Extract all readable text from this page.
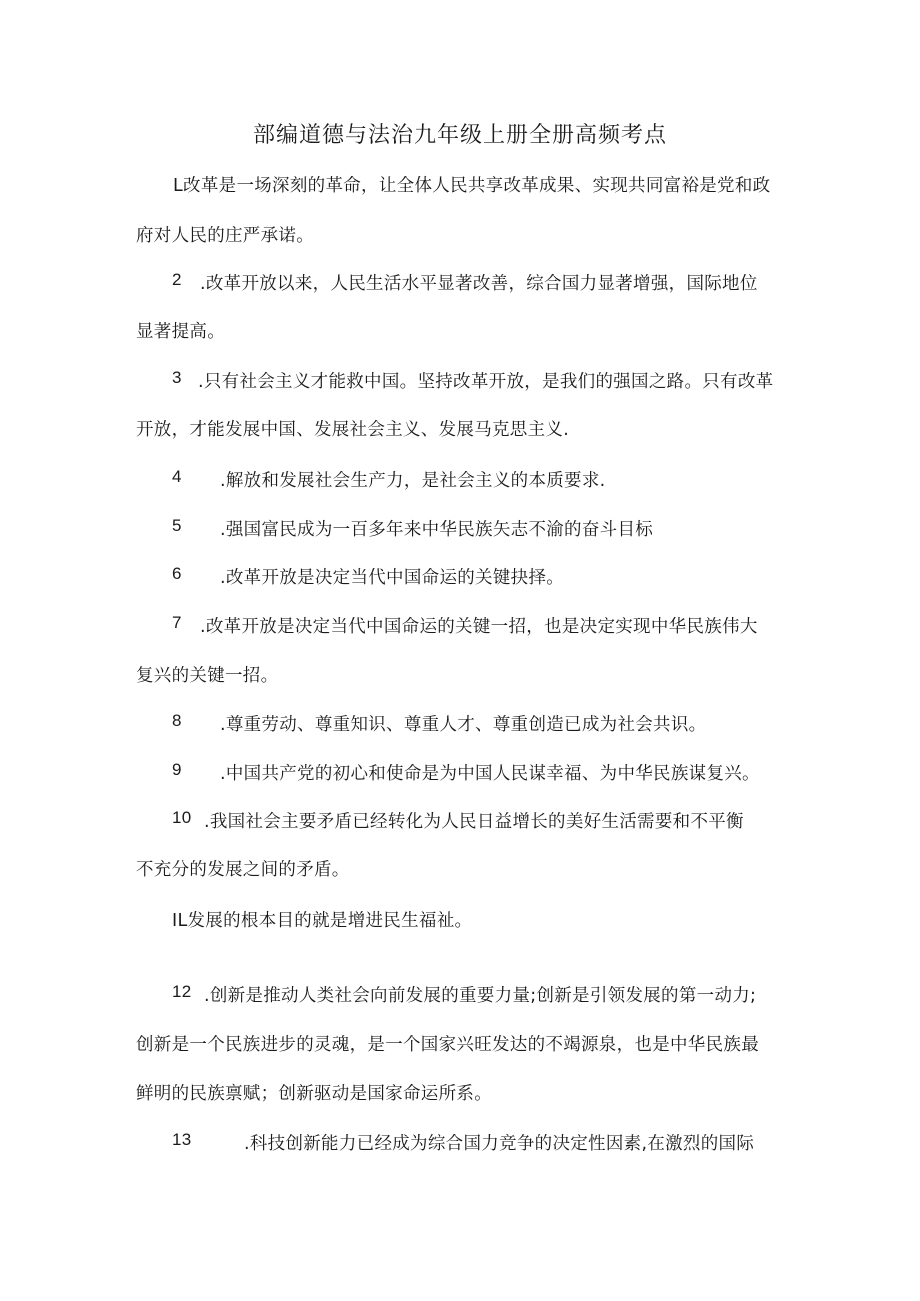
部编道德与法治九年级上册全册高频考点
L改革是一场深刻的革命，让全体人民共享改革成果、实现共同富裕是党和政
府对人民的庄严承诺。
2 .改革开放以来，人民生活水平显著改善，综合国力显著增强，国际地位
显著提高。
3 .只有社会主义才能救中国。坚持改革开放，是我们的强国之路。只有改革
开放，才能发展中国、发展社会主义、发展马克思主义.
4 .解放和发展社会生产力，是社会主义的本质要求.
5 .强国富民成为一百多年来中华民族矢志不渝的奋斗目标
6 .改革开放是决定当代中国命运的关键抉择。
7 .改革开放是决定当代中国命运的关键一招，也是决定实现中华民族伟大
复兴的关键一招。
8 .尊重劳动、尊重知识、尊重人才、尊重创造已成为社会共识。
9 .中国共产党的初心和使命是为中国人民谋幸福、为中华民族谋复兴。
10 .我国社会主要矛盾已经转化为人民日益增长的美好生活需要和不平衡
不充分的发展之间的矛盾。
IL发展的根本目的就是增进民生福祉。
12 .创新是推动人类社会向前发展的重要力量;创新是引领发展的第一动力;
创新是一个民族进步的灵魂，是一个国家兴旺发达的不竭源泉，也是中华民族最
鲜明的民族禀赋；创新驱动是国家命运所系。
13	.科技创新能力已经成为综合国力竞争的决定性因素,在激烈的国际
